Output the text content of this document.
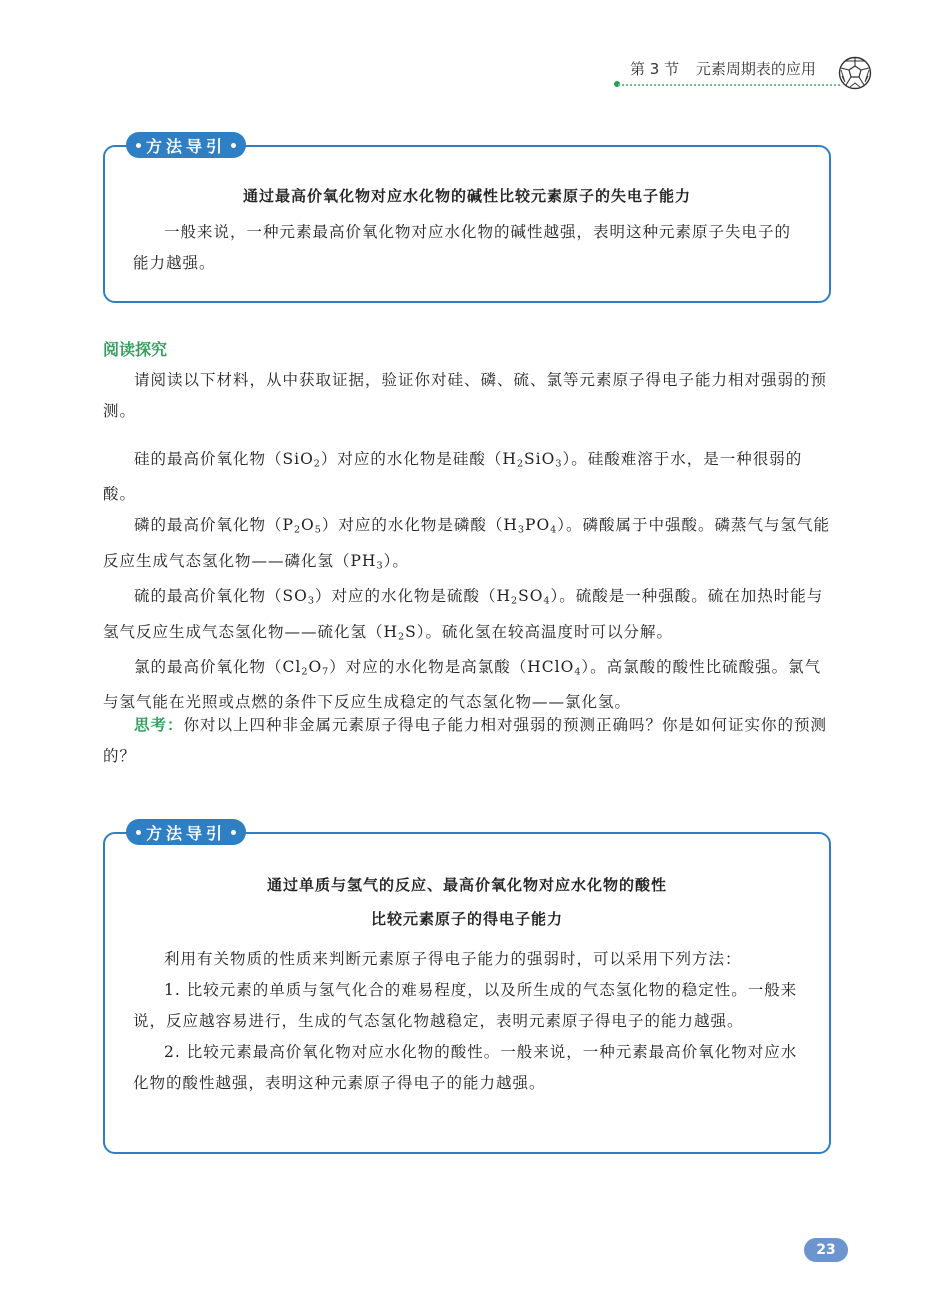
第 3 节 元素周期表的应用
通过最高价氧化物对应水化物的碱性比较元素原子的失电子能力

一般来说，一种元素最高价氧化物对应水化物的碱性越强，表明这种元素原子失电子的能力越强。

方法导引
阅读探究

请阅读以下材料，从中获取证据，验证你对硅、磷、硫、氯等元素原子得电子能力相对强弱的预测。

硅的最高价氧化物（SiO$_2$）对应的水化物是硅酸$(H_2SiO_3)$。硅酸难溶于水，是一种很弱的酸。

磷的最高价氧化物$(P_2O_5)$对应的水化物是磷酸$(H_3PO_4)$。磷酸属于中强酸。磷蒸气与氢气能反应生成气态氢化物——磷化氢$(PH_3)$。

硫的最高价氧化物$(SO_3)$对应的水化物是硫酸$(H_2SO_4)$。硫酸是一种强酸。硫在加热时能与氢气反应生成气态氢化物——硫化氢$(H_2S)$。硫化氢在较高温度时可以分解。

氯的最高价氧化物$(Cl_2O_7)$对应的水化物是高氯酸（HClO$_4$）。高氯酸的酸性比硫酸强。氯气与氢气能在光照或点燃的条件下反应生成稳定的气态氢化物——氯化氢。

思考：你对以上四种非金属元素原子得电子能力相对强弱的预测正确吗？你是如何证实你的预测的？

通过单质与氢气的反应、最高价氧化物对应水化物的酸性
比较元素原子的得电子能力

利用有关物质的性质来判断元素原子得电子能力的强弱时，可以采用下列方法：

1. 比较元素的单质与氢气化合的难易程度，以及所生成的气态氢化物的稳定性。一般来说，反应越容易进行，生成的气态氢化物越稳定，表明元素原子得电子的能力越强。

2. 比较元素最高价氧化物对应水化物的酸性。一般来说，一种元素最高价氧化物对应水化物的酸性越强，表明这种元素原子得电子的能力越强。

方法导引
23
